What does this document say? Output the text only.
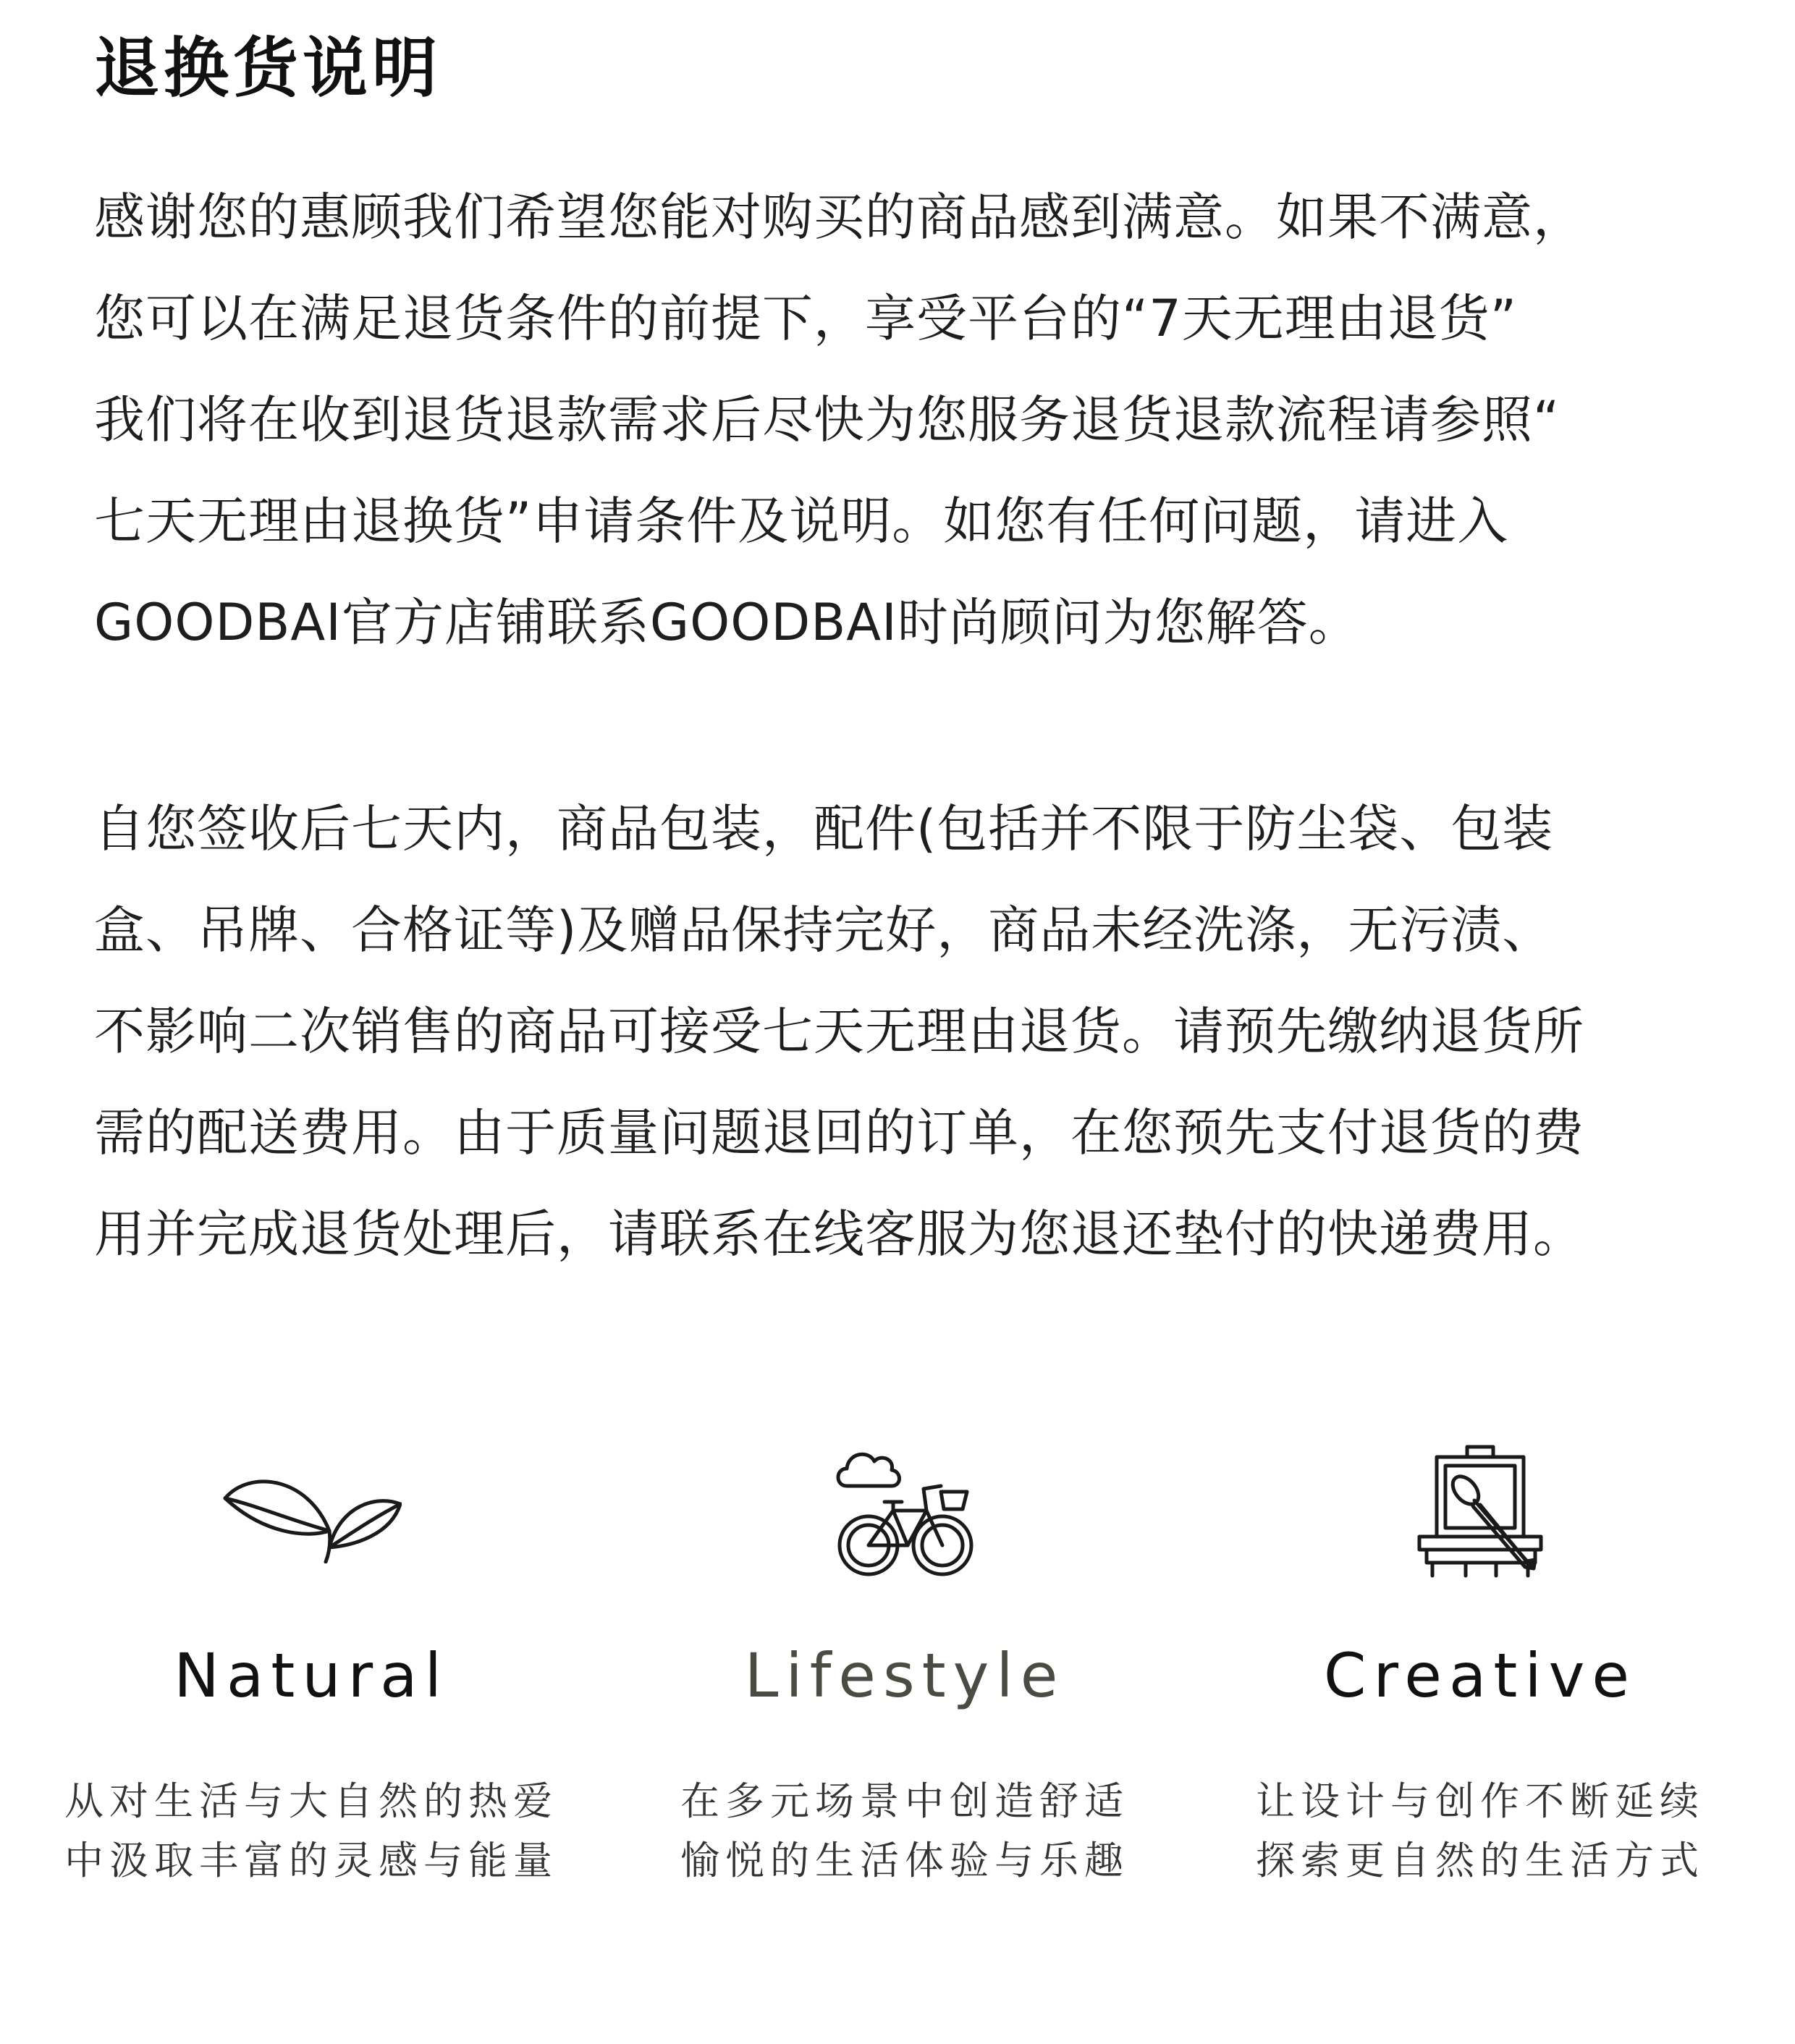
退换货说明

感谢您的惠顾我们希望您能对购买的商品感到满意。如果不满意，
您可以在满足退货条件的前提下，享受平台的“7天无理由退货”
我们将在收到退货退款需求后尽快为您服务退货退款流程请参照“
七天无理由退换货”申请条件及说明。如您有任何问题，请进入
GOODBAI官方店铺联系GOODBAI时尚顾问为您解答。

自您签收后七天内，商品包装，配件(包括并不限于防尘袋、包装
盒、吊牌、合格证等)及赠品保持完好，商品未经洗涤，无污渍、
不影响二次销售的商品可接受七天无理由退货。请预先缴纳退货所
需的配送费用。由于质量问题退回的订单，在您预先支付退货的费
用并完成退货处理后，请联系在线客服为您退还垫付的快递费用。

Natural
从对生活与大自然的热爱
中汲取丰富的灵感与能量
Lifestyle
在多元场景中创造舒适
愉悦的生活体验与乐趣
Creative
让设计与创作不断延续
探索更自然的生活方式
